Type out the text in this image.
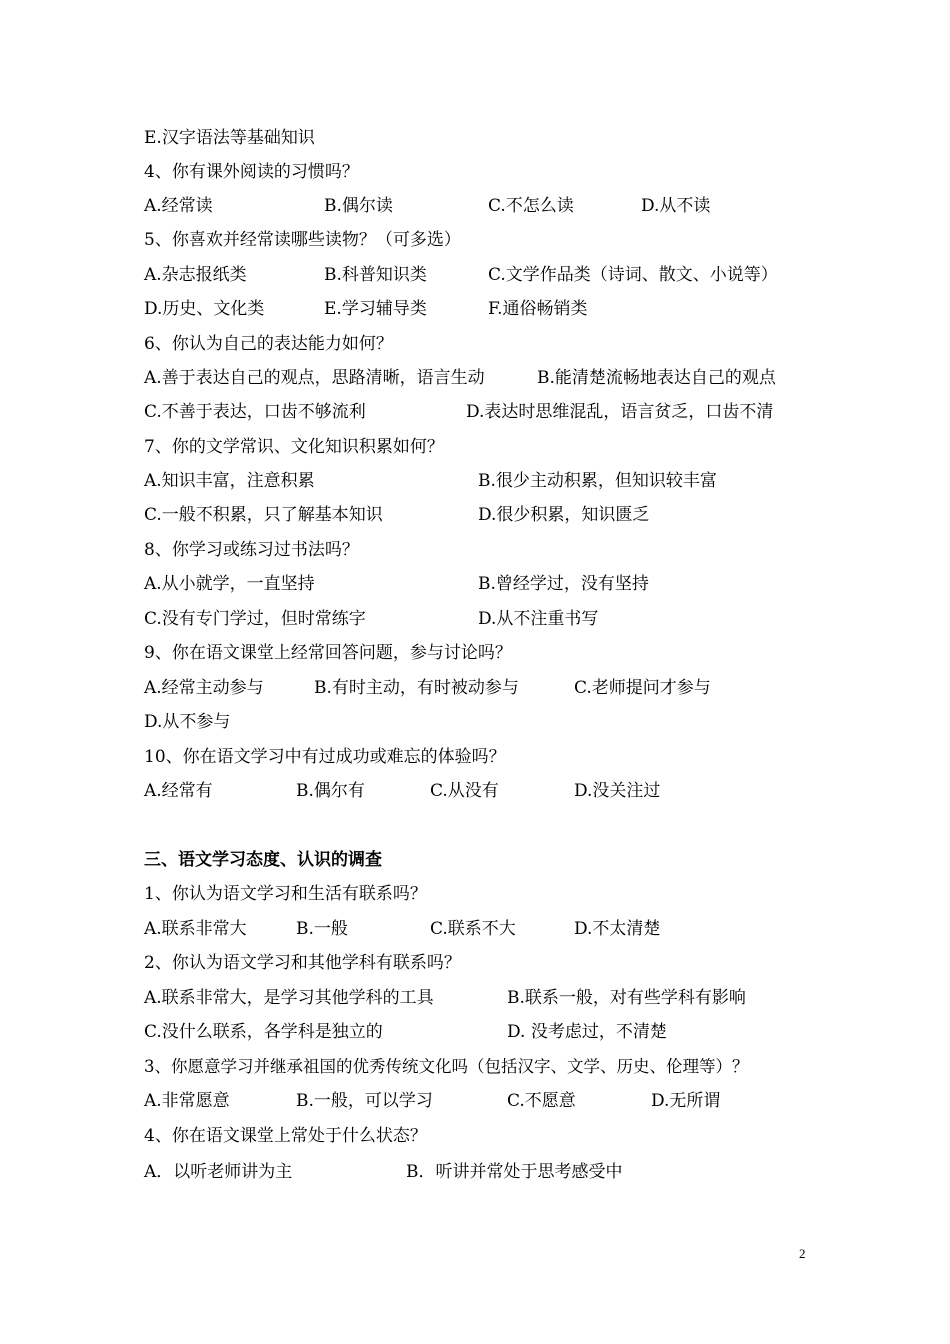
E.汉字语法等基础知识
4、你有课外阅读的习惯吗？
A.经常读	B.偶尔读	C.不怎么读	D.从不读
5、你喜欢并经常读哪些读物？（可多选）
A.杂志报纸类	B.科普知识类	C.文学作品类（诗词、散文、小说等）
D.历史、文化类	E.学习辅导类	F.通俗畅销类
6、你认为自己的表达能力如何？
A.善于表达自己的观点，思路清晰，语言生动	B.能清楚流畅地表达自己的观点
C.不善于表达，口齿不够流利	D.表达时思维混乱，语言贫乏，口齿不清
7、你的文学常识、文化知识积累如何？
A.知识丰富，注意积累	B.很少主动积累，但知识较丰富
C.一般不积累，只了解基本知识	D.很少积累，知识匮乏
8、你学习或练习过书法吗？
A.从小就学，一直坚持	B.曾经学过，没有坚持
C.没有专门学过，但时常练字	D.从不注重书写
9、你在语文课堂上经常回答问题，参与讨论吗？
A.经常主动参与	B.有时主动，有时被动参与	C.老师提问才参与
D.从不参与
10、你在语文学习中有过成功或难忘的体验吗？
A.经常有	B.偶尔有	C.从没有	D.没关注过
三、语文学习态度、认识的调查
1、你认为语文学习和生活有联系吗？
A.联系非常大	B.一般	C.联系不大	D.不太清楚
2、你认为语文学习和其他学科有联系吗？
A.联系非常大，是学习其他学科的工具	B.联系一般，对有些学科有影响
C.没什么联系，各学科是独立的	D. 没考虑过，不清楚
3、你愿意学习并继承祖国的优秀传统文化吗（包括汉字、文学、历史、伦理等）？
A.非常愿意	B.一般，可以学习	C.不愿意	D.无所谓
4、你在语文课堂上常处于什么状态？
A．以听老师讲为主	B．听讲并常处于思考感受中
2
